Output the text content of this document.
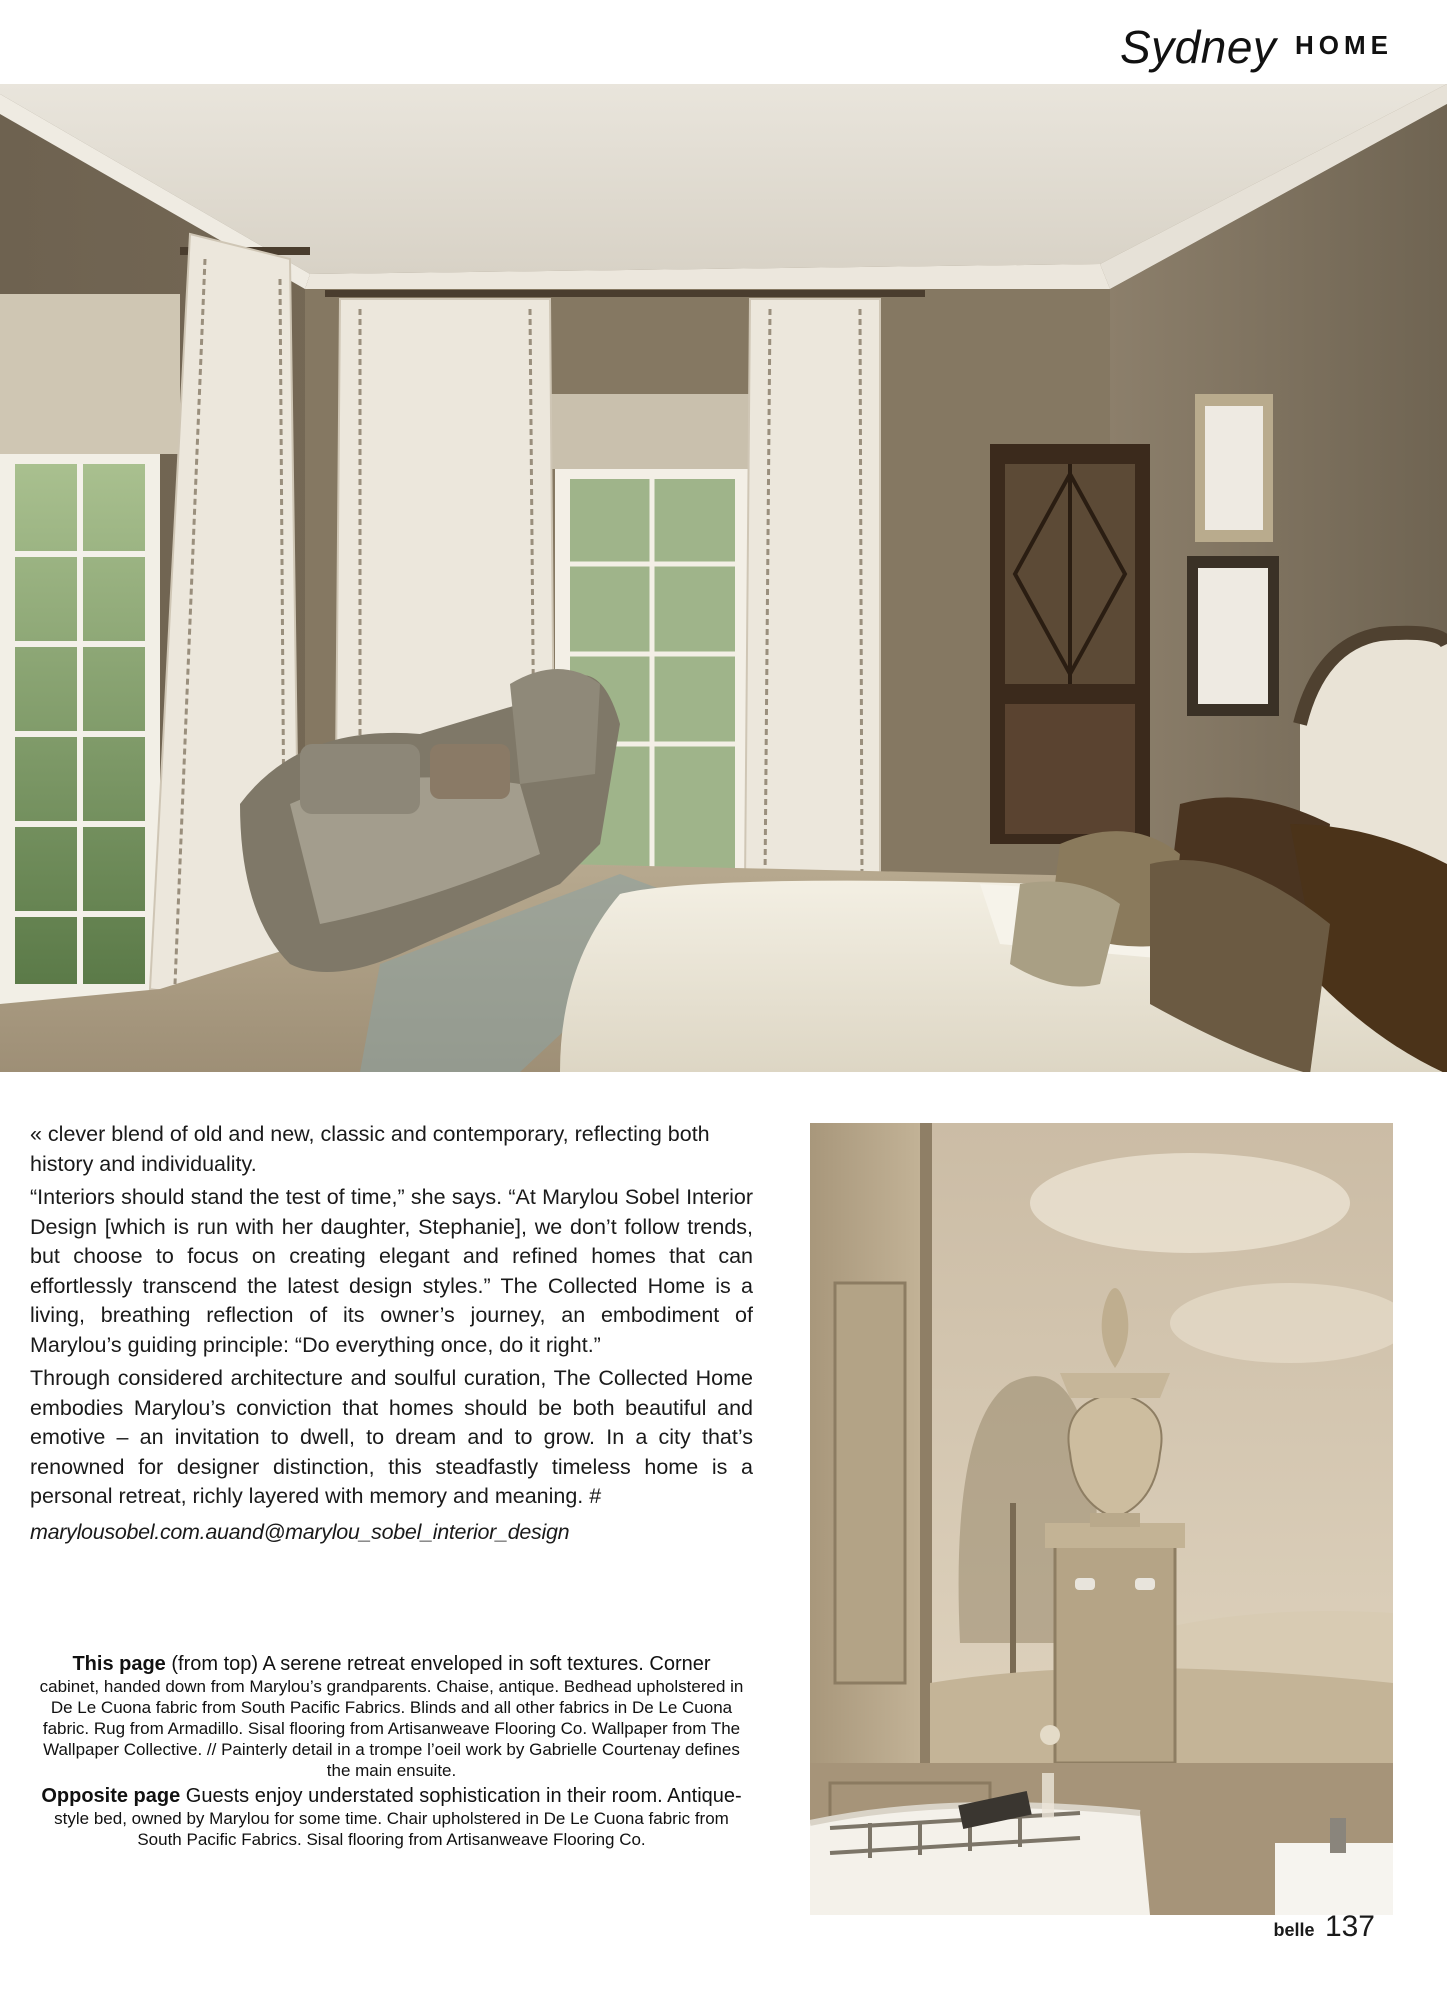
Sydney HOME

« clever blend of old and new, classic and contemporary, reflecting both history and individuality.

“Interiors should stand the test of time,” she says. “At Marylou Sobel Interior Design [which is run with her daughter, Stephanie], we don’t follow trends, but choose to focus on creating elegant and refined homes that can effortlessly transcend the latest design styles.” The Collected Home is a living, breathing reflection of its owner’s journey, an embodiment of Marylou’s guiding principle: “Do everything once, do it right.”

Through considered architecture and soulful curation, The Collected Home embodies Marylou’s conviction that homes should be both beautiful and emotive – an invitation to dwell, to dream and to grow. In a city that’s renowned for designer distinction, this steadfastly timeless home is a personal retreat, richly layered with memory and meaning. #

marylousobel.com.auand@marylou_sobel_interior_design

This page (from top) A serene retreat enveloped in soft textures. Corner
cabinet, handed down from Marylou’s grandparents. Chaise, antique. Bedhead upholstered in De Le Cuona fabric from South Pacific Fabrics. Blinds and all other fabrics in De Le Cuona fabric. Rug from Armadillo. Sisal flooring from Artisanweave Flooring Co. Wallpaper from The Wallpaper Collective. // Painterly detail in a trompe l’oeil work by Gabrielle Courtenay defines the main ensuite.
Opposite page Guests enjoy understated sophistication in their room. Antique-
style bed, owned by Marylou for some time. Chair upholstered in De Le Cuona fabric from South Pacific Fabrics. Sisal flooring from Artisanweave Flooring Co.
belle 137
